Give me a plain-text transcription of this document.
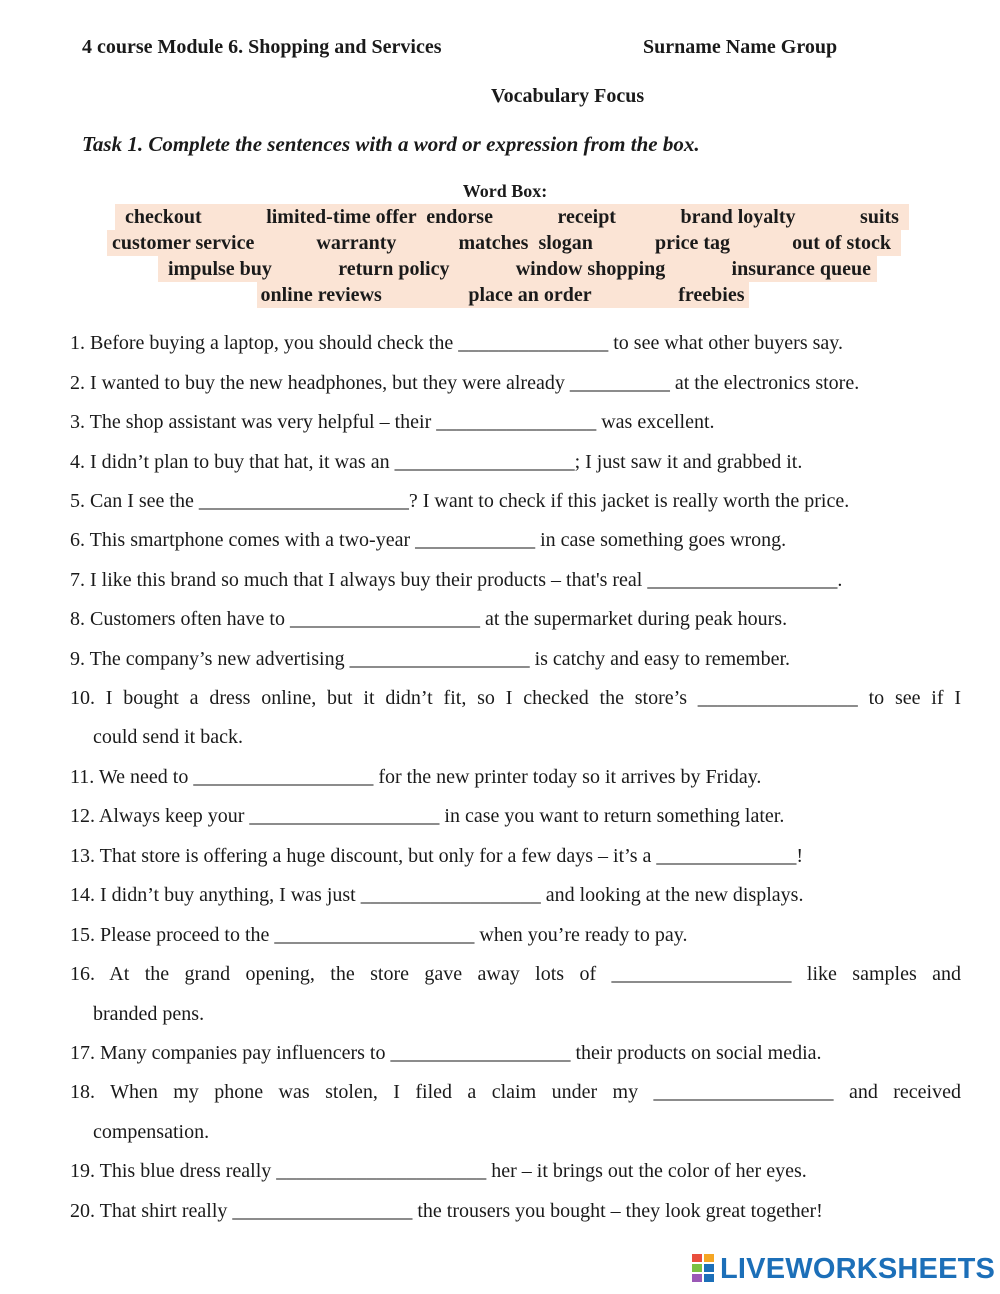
4 course Module 6. Shopping and Services	Surname Name Group
Vocabulary Focus
Task 1. Complete the sentences with a word or expression from the box.
Word Box:
checkout	limited-time offer  endorse	receipt	brand loyalty	suits
customer service	warranty	matches  slogan	price tag	out of stock
impulse buy	return policy	window shopping	insurance queue
online reviews	place an order	freebies
1. Before buying a laptop, you should check the _______________ to see what other buyers say.
2. I wanted to buy the new headphones, but they were already __________ at the electronics store.
3. The shop assistant was very helpful – their ________________ was excellent.
4. I didn’t plan to buy that hat, it was an __________________; I just saw it and grabbed it.
5. Can I see the _____________________? I want to check if this jacket is really worth the price.
6. This smartphone comes with a two-year ____________ in case something goes wrong.
7. I like this brand so much that I always buy their products – that's real ___________________.
8. Customers often have to ___________________ at the supermarket during peak hours.
9. The company’s new advertising __________________ is catchy and easy to remember.
10. I bought a dress online, but it didn’t fit, so I checked the store’s ________________ to see if I
could send it back.
11. We need to __________________ for the new printer today so it arrives by Friday.
12. Always keep your ___________________ in case you want to return something later.
13. That store is offering a huge discount, but only for a few days – it’s a ______________!
14. I didn’t buy anything, I was just __________________ and looking at the new displays.
15. Please proceed to the ____________________ when you’re ready to pay.
16. At the grand opening, the store gave away lots of __________________ like samples and
branded pens.
17. Many companies pay influencers to __________________ their products on social media.
18. When my phone was stolen, I filed a claim under my __________________ and received
compensation.
19. This blue dress really _____________________ her – it brings out the color of her eyes.
20. That shirt really __________________ the trousers you bought – they look great together!
LIVEWORKSHEETS
